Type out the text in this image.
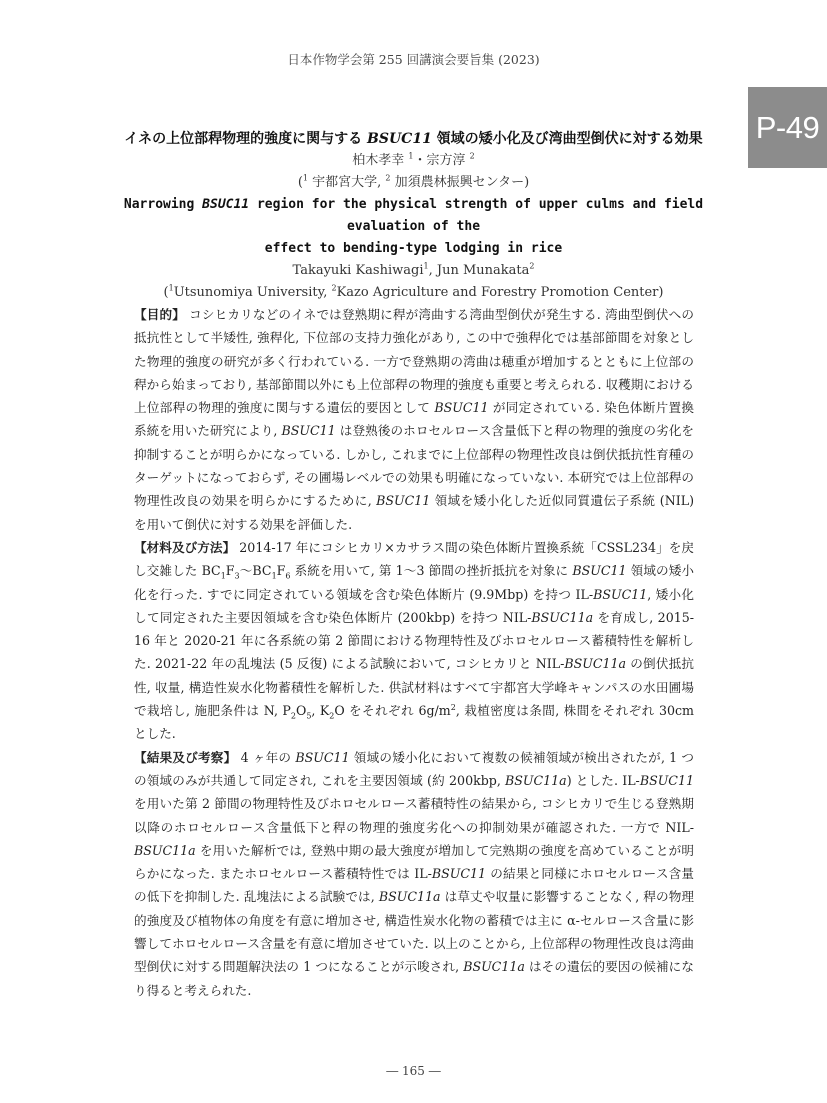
日本作物学会第 255 回講演会要旨集 (2023)
P-49
イネの上位部稈物理的強度に関与する BSUC11 領域の矮小化及び湾曲型倒伏に対する効果
柏木孝幸 $^1$・宗方淳 $^2$
($^1$ 宇都宮大学, $^2$ 加須農林振興センター)
Narrowing BSUC11 region for the physical strength of upper culms and field evaluation of the
effect to bending-type lodging in rice
Takayuki Kashiwagi$^1$, Jun Munakata$^2$
($^1$Utsunomiya University, $^2$Kazo Agriculture and Forestry Promotion Center)

【目的】 コシヒカリなどのイネでは登熟期に稈が湾曲する湾曲型倒伏が発生する. 湾曲型倒伏への抵抗性として半矮性, 強稈化, 下位部の支持力強化があり, この中で強稈化では基部節間を対象とした物理的強度の研究が多く行われている. 一方で登熟期の湾曲は穂重が増加するとともに上位部の稈から始まっており, 基部節間以外にも上位部稈の物理的強度も重要と考えられる. 収穫期における上位部稈の物理的強度に関与する遺伝的要因として BSUC11 が同定されている. 染色体断片置換系統を用いた研究により, BSUC11 は登熟後のホロセルロース含量低下と稈の物理的強度の劣化を抑制することが明らかになっている. しかし, これまでに上位部稈の物理性改良は倒伏抵抗性育種のターゲットになっておらず, その圃場レベルでの効果も明確になっていない. 本研究では上位部稈の物理性改良の効果を明らかにするために, BSUC11 領域を矮小化した近似同質遺伝子系統 (NIL) を用いて倒伏に対する効果を評価した.

【材料及び方法】 2014-17 年にコシヒカリ×カサラス間の染色体断片置換系統「CSSL234」を戻し交雑した $BC_1F_3\sim BC_1F_6$ 系統を用いて, 第 1～3 節間の挫折抵抗を対象に BSUC11 領域の矮小化を行った. すでに同定されている領域を含む染色体断片 (9.9Mbp) を持つ IL-BSUC11, 矮小化して同定された主要因領域を含む染色体断片 (200kbp) を持つ NIL-BSUC11a を育成し, 2015-16 年と 2020-21 年に各系統の第 2 節間における物理特性及びホロセルロース蓄積特性を解析した. 2021-22 年の乱塊法 (5 反復) による試験において, コシヒカリと NIL-BSUC11a の倒伏抵抗性, 収量, 構造性炭水化物蓄積性を解析した. 供試材料はすべて宇都宮大学峰キャンパスの水田圃場で栽培し, 施肥条件は N, $P_2O_5$, $K_2O$ をそれぞれ $6g/m^2$, 栽植密度は条間, 株間をそれぞれ 30cm とした.

【結果及び考察】 4 ヶ年の BSUC11 領域の矮小化において複数の候補領域が検出されたが, 1 つの領域のみが共通して同定され, これを主要因領域 (約 200kbp, BSUC11a) とした. IL-BSUC11 を用いた第 2 節間の物理特性及びホロセルロース蓄積特性の結果から, コシヒカリで生じる登熟期以降のホロセルロース含量低下と稈の物理的強度劣化への抑制効果が確認された. 一方で NIL-BSUC11a を用いた解析では, 登熟中期の最大強度が増加して完熟期の強度を高めていることが明らかになった. またホロセルロース蓄積特性では IL-BSUC11 の結果と同様にホロセルロース含量の低下を抑制した. 乱塊法による試験では, BSUC11a は草丈や収量に影響することなく, 稈の物理的強度及び植物体の角度を有意に増加させ, 構造性炭水化物の蓄積では主に α-セルロース含量に影響してホロセルロース含量を有意に増加させていた. 以上のことから, 上位部稈の物理性改良は湾曲型倒伏に対する問題解決法の 1 つになることが示唆され, BSUC11a はその遺伝的要因の候補になり得ると考えられた.

― 165 ―
